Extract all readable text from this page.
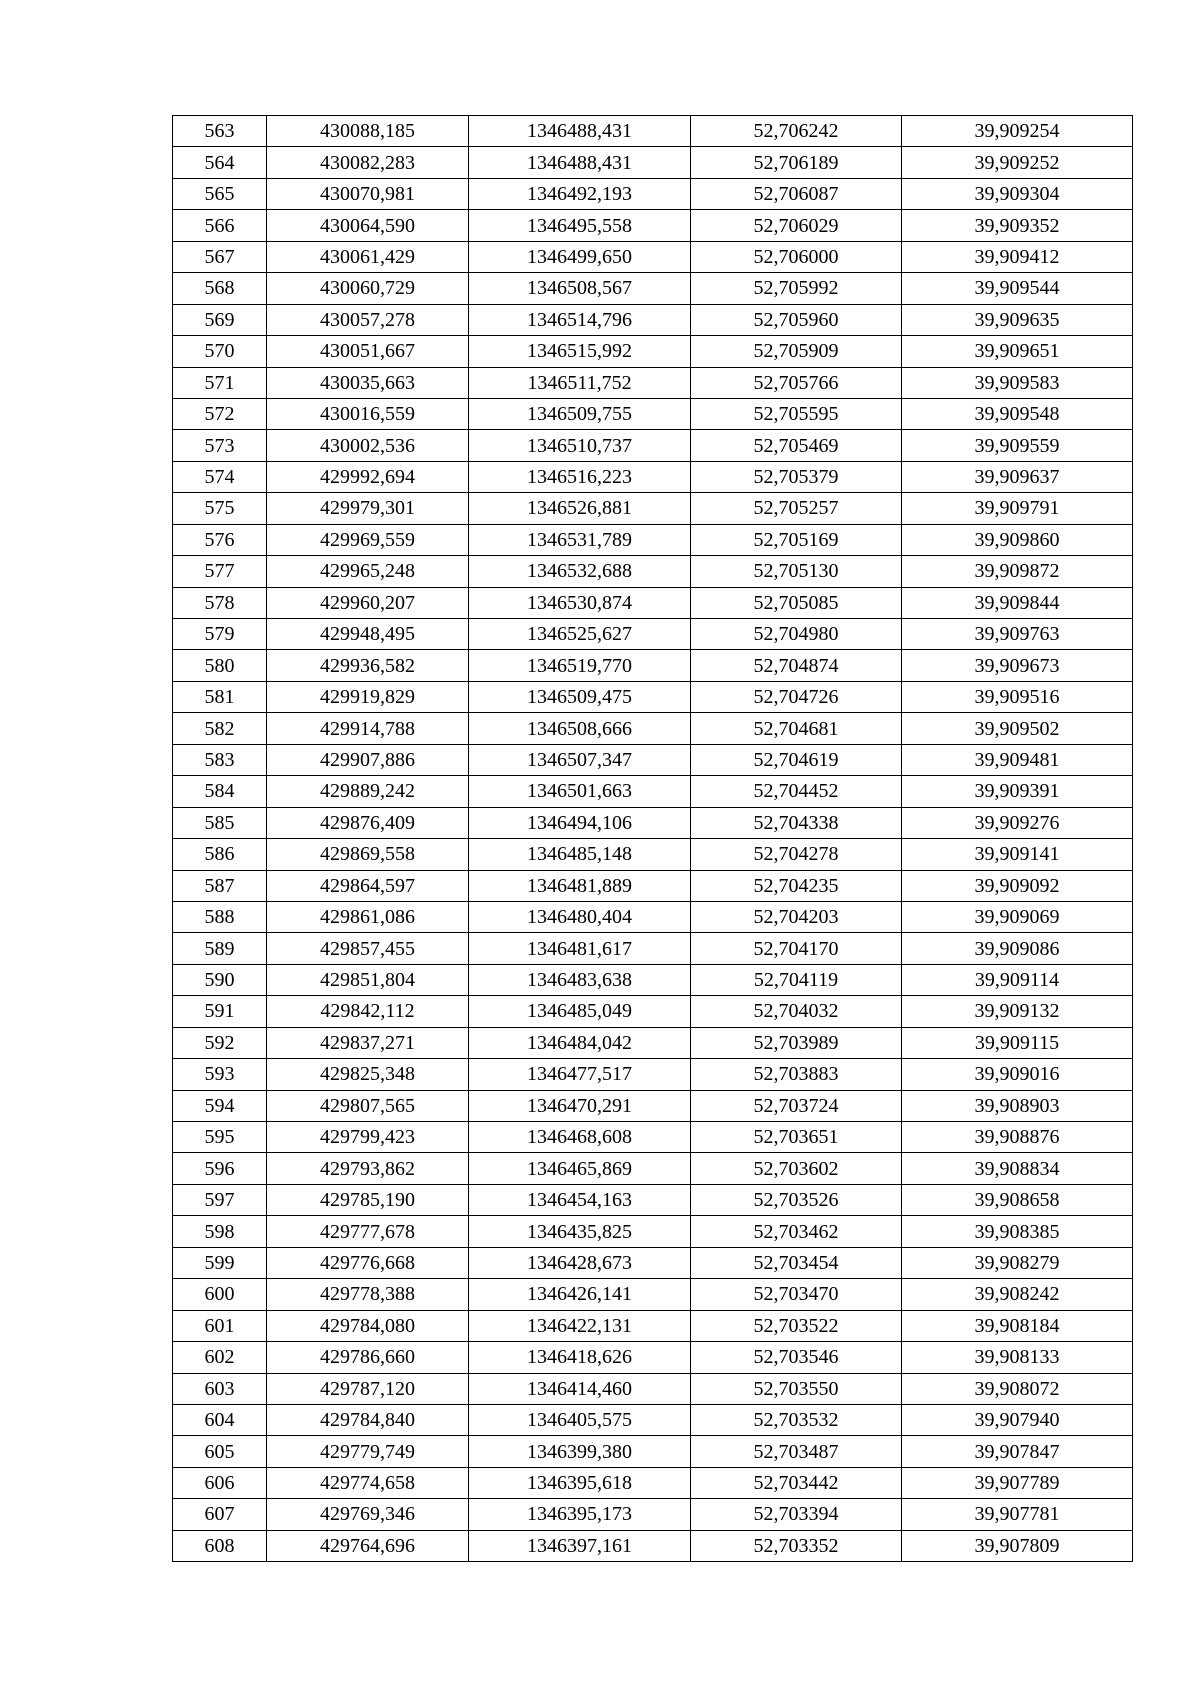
563	430088,185	1346488,431	52,706242	39,909254
564	430082,283	1346488,431	52,706189	39,909252
565	430070,981	1346492,193	52,706087	39,909304
566	430064,590	1346495,558	52,706029	39,909352
567	430061,429	1346499,650	52,706000	39,909412
568	430060,729	1346508,567	52,705992	39,909544
569	430057,278	1346514,796	52,705960	39,909635
570	430051,667	1346515,992	52,705909	39,909651
571	430035,663	1346511,752	52,705766	39,909583
572	430016,559	1346509,755	52,705595	39,909548
573	430002,536	1346510,737	52,705469	39,909559
574	429992,694	1346516,223	52,705379	39,909637
575	429979,301	1346526,881	52,705257	39,909791
576	429969,559	1346531,789	52,705169	39,909860
577	429965,248	1346532,688	52,705130	39,909872
578	429960,207	1346530,874	52,705085	39,909844
579	429948,495	1346525,627	52,704980	39,909763
580	429936,582	1346519,770	52,704874	39,909673
581	429919,829	1346509,475	52,704726	39,909516
582	429914,788	1346508,666	52,704681	39,909502
583	429907,886	1346507,347	52,704619	39,909481
584	429889,242	1346501,663	52,704452	39,909391
585	429876,409	1346494,106	52,704338	39,909276
586	429869,558	1346485,148	52,704278	39,909141
587	429864,597	1346481,889	52,704235	39,909092
588	429861,086	1346480,404	52,704203	39,909069
589	429857,455	1346481,617	52,704170	39,909086
590	429851,804	1346483,638	52,704119	39,909114
591	429842,112	1346485,049	52,704032	39,909132
592	429837,271	1346484,042	52,703989	39,909115
593	429825,348	1346477,517	52,703883	39,909016
594	429807,565	1346470,291	52,703724	39,908903
595	429799,423	1346468,608	52,703651	39,908876
596	429793,862	1346465,869	52,703602	39,908834
597	429785,190	1346454,163	52,703526	39,908658
598	429777,678	1346435,825	52,703462	39,908385
599	429776,668	1346428,673	52,703454	39,908279
600	429778,388	1346426,141	52,703470	39,908242
601	429784,080	1346422,131	52,703522	39,908184
602	429786,660	1346418,626	52,703546	39,908133
603	429787,120	1346414,460	52,703550	39,908072
604	429784,840	1346405,575	52,703532	39,907940
605	429779,749	1346399,380	52,703487	39,907847
606	429774,658	1346395,618	52,703442	39,907789
607	429769,346	1346395,173	52,703394	39,907781
608	429764,696	1346397,161	52,703352	39,907809
